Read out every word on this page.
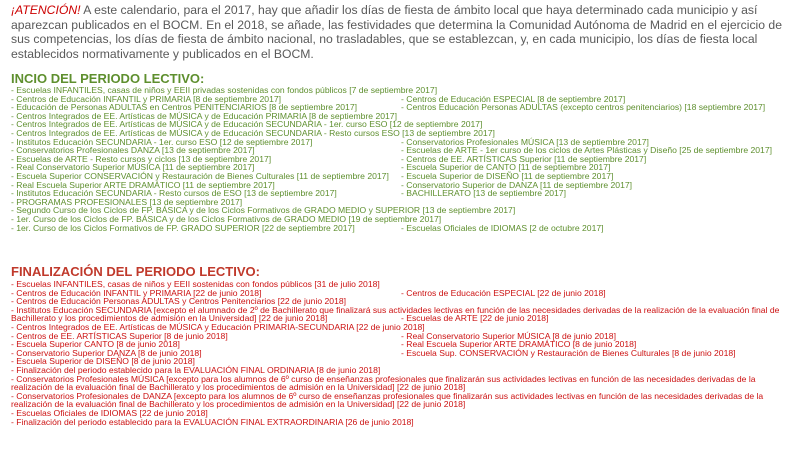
¡ATENCIÓN! A este calendario, para el 2017, hay que añadir los días de fiesta de ámbito local que haya determinado cada municipio y así aparezcan publicados en el BOCM. En el 2018, se añade, las festividades que determina la Comunidad Autónoma de Madrid en el ejercicio de sus competencias, los días de fiesta de ámbito nacional, no trasladables, que se establezcan, y, en cada municipio, los días de fiesta local establecidos normativamente y publicados en el BOCM.
INCIO DEL PERIODO LECTIVO:
- Escuelas INFANTILES, casas de niños y EEII privadas sostenidas con fondos públicos [7 de septiembre 2017]
- Centros de Educación INFANTIL y PRIMARIA [8 de septiembre 2017]	- Centros de Educación ESPECIAL [8 de septiembre 2017]
- Educación de Personas ADULTAS en Centros PENITENCIARIOS [8 de septiembre 2017]	- Centros Educación Personas ADULTAS (excepto centros penitenciarios) [18 septiembre 2017]
- Centros Integrados de EE. Artísticas de MÚSICA y de Educación PRIMARIA [8 de septiembre 2017]
- Centros Integrados de EE. Artísticas de MÚSICA y de Educación SECUNDARIA - 1er. curso ESO [12 de septiembre 2017]
- Centros Integrados de EE. Artísticas de MÚSICA y de Educación SECUNDARIA - Resto cursos ESO [13 de septiembre 2017]
- Institutos Educación SECUNDARIA - 1er. curso ESO [12 de septiembre 2017]	- Conservatorios Profesionales MÚSICA [13 de septiembre 2017]
- Conservatorios Profesionales DANZA [13 de septiembre 2017]	- Escuelas de ARTE - 1er curso de los ciclos de Artes Plásticas y Diseño [25 de septiembre 2017]
- Escuelas de ARTE - Resto cursos y ciclos [13 de septiembre 2017]	- Centros de EE. ARTÍSTICAS Superior [11 de septiembre 2017]
- Real Conservatorio Superior MÚSICA [11 de septiembre 2017]	- Escuela Superior de CANTO [11 de septiembre 2017]
- Escuela Superior CONSERVACIÓN y Restauración de Bienes Culturales [11 de septiembre 2017]	- Escuela Superior de DISEÑO [11 de septiembre 2017]
- Real Escuela Superior ARTE DRAMÁTICO [11 de septiembre 2017]	- Conservatorio Superior de DANZA [11 de septiembre 2017]
- Institutos Educación SECUNDARIA - Resto cursos de ESO [13 de septiembre 2017]	- BACHILLERATO [13 de septiembre 2017]
- PROGRAMAS PROFESIONALES [13 de septiembre 2017]
- Segundo Curso de los Ciclos de FP. BÁSICA y de los Ciclos Formativos de GRADO MEDIO y SUPERIOR [13 de septiembre 2017]
- 1er. Curso de los Ciclos de FP. BÁSICA y de los Ciclos Formativos de GRADO MEDIO [19 de septiembre 2017]
- 1er. Curso de los Ciclos Formativos de FP. GRADO SUPERIOR [22 de septiembre 2017]	- Escuelas Oficiales de IDIOMAS [2 de octubre 2017]
FINALIZACIÓN DEL PERIODO LECTIVO:
- Escuelas INFANTILES, casas de niños y EEII sostenidas con fondos públicos [31 de julio 2018]
- Centros de Educación INFANTIL y PRIMARIA [22 de junio 2018]	- Centros de Educación ESPECIAL [22 de junio 2018]
- Centros de Educación Personas ADULTAS y Centros Penitenciarios [22 de junio 2018]
- Institutos Educación SECUNDARIA [excepto el alumnado de 2º de Bachillerato que finalizará sus actividades lectivas en función de las necesidades derivadas de la realización de la evaluación final de
Bachillerato y los procedimientos de admisión en la Universidad] [22 de junio 2018]	- Escuelas de ARTE [22 de junio 2018]
- Centros Integrados de EE. Artísticas de MÚSICA y Educación PRIMARIA-SECUNDARIA [22 de junio 2018]
- Centros de EE. ARTÍSTICAS Superior [8 de junio 2018]	- Real Conservatorio Superior MÚSICA [8 de junio 2018]
- Escuela Superior CANTO [8 de junio 2018]	- Real Escuela Superior ARTE DRAMÁTICO [8 de junio 2018]
- Conservatorio Superior DANZA [8 de junio 2018]	- Escuela Sup. CONSERVACIÓN y Restauración de Bienes Culturales [8 de junio 2018]
- Escuela Superior de DISEÑO [8 de junio 2018]
- Finalización del periodo establecido para la EVALUACIÓN FINAL ORDINARIA [8 de junio 2018]
- Conservatorios Profesionales MÚSICA [excepto para los alumnos de 6º curso de enseñanzas profesionales que finalizarán sus actividades lectivas en función de las necesidades derivadas de la
realización de la evaluación final de Bachillerato y los procedimientos de admisión en la Universidad] [22 de junio 2018]
- Conservatorios Profesionales de DANZA [excepto para los alumnos de 6º curso de enseñanzas profesionales que finalizarán sus actividades lectivas en función de las necesidades derivadas de la
realización de la evaluación final de Bachillerato y los procedimientos de admisión en la Universidad] [22 de junio 2018]
- Escuelas Oficiales de IDIOMAS [22 de junio 2018]
- Finalización del periodo establecido para la EVALUACIÓN FINAL EXTRAORDINARIA [26 de junio 2018]
